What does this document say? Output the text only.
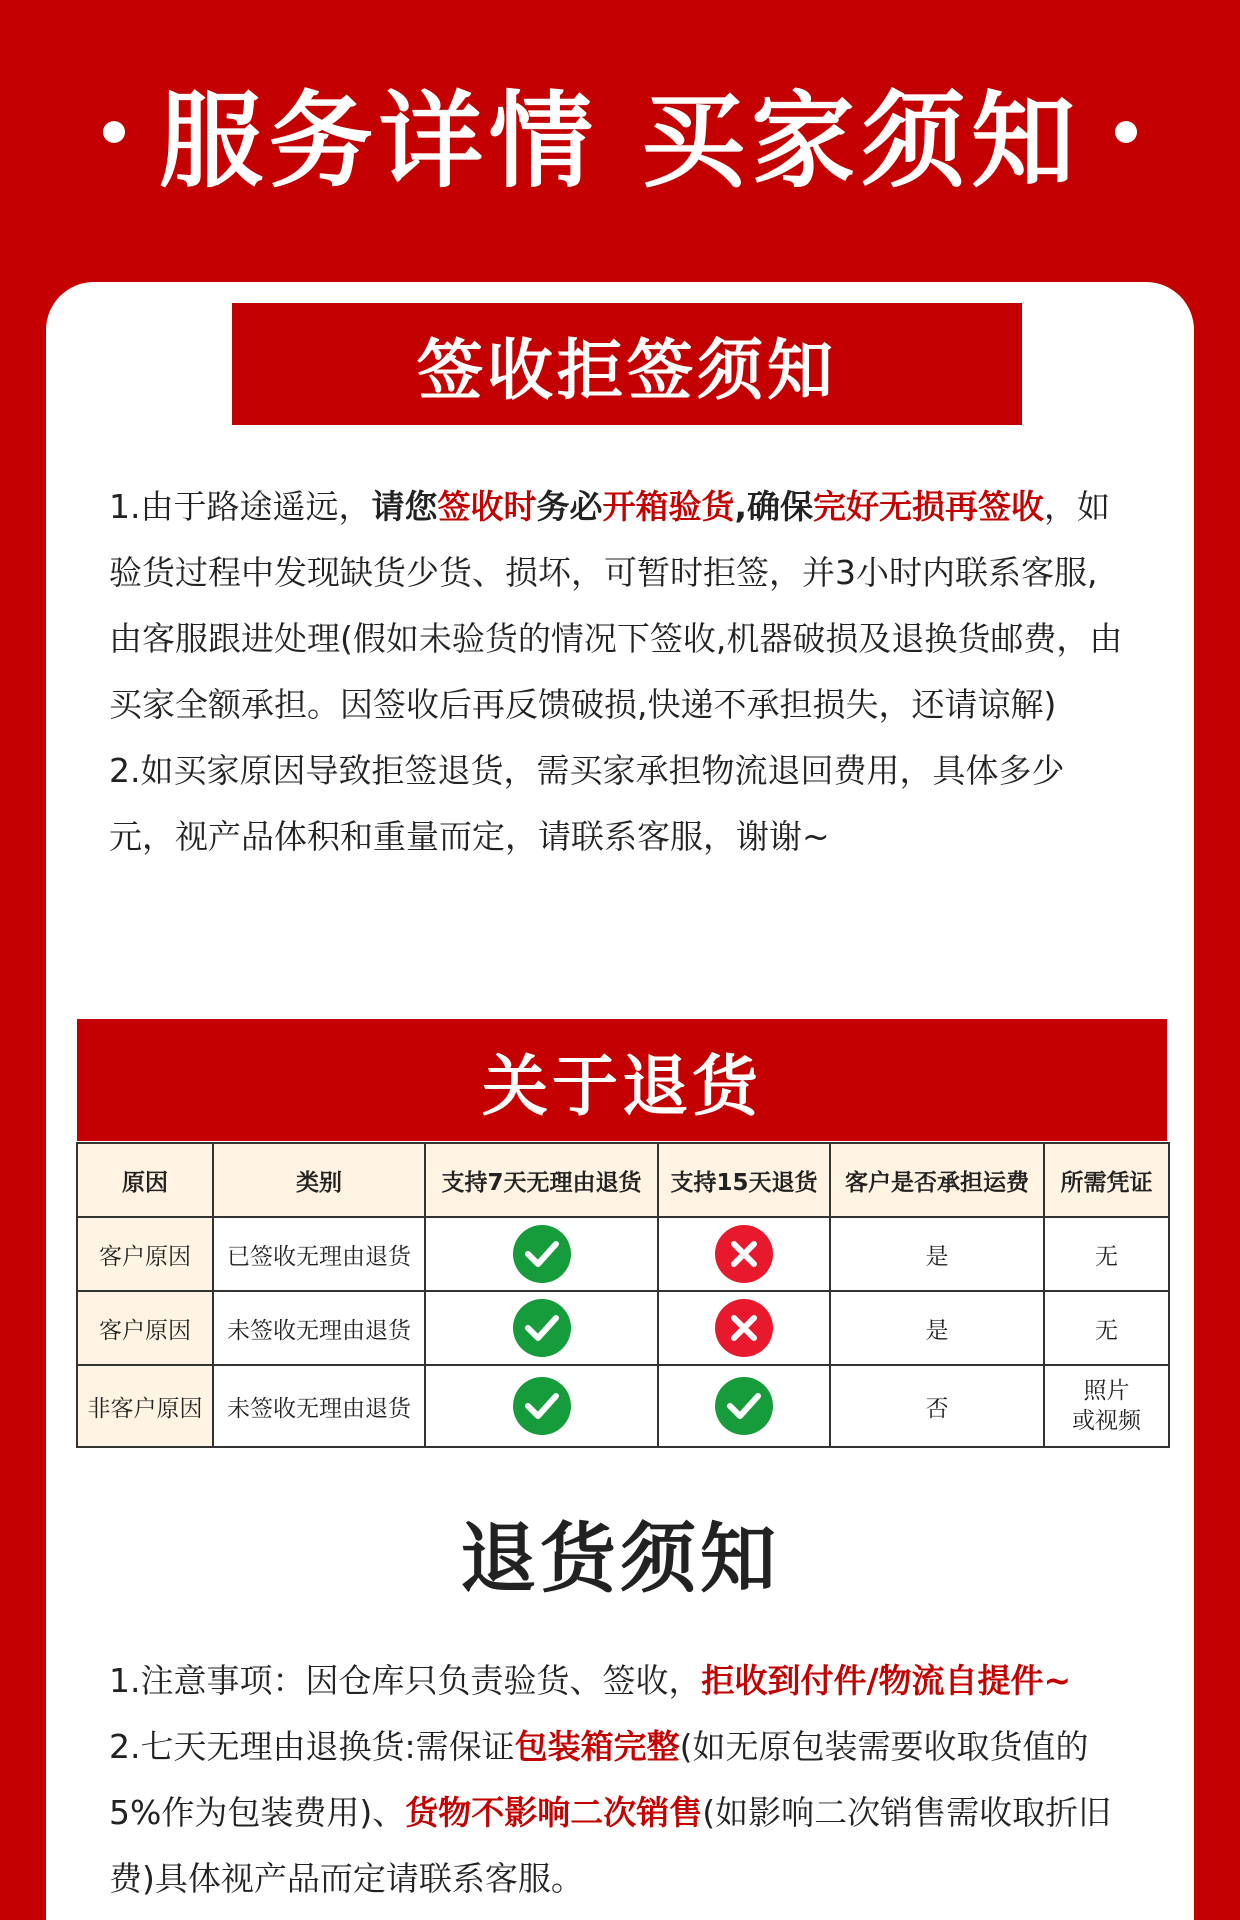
服务详情 买家须知
签收拒签须知
1.由于路途遥远，请您签收时务必开箱验货,确保完好无损再签收，如验货过程中发现缺货少货、损坏，可暂时拒签，并3小时内联系客服,由客服跟进处理(假如未验货的情况下签收,机器破损及退换货邮费，由买家全额承担。因签收后再反馈破损,快递不承担损失，还请谅解)
2.如买家原因导致拒签退货，需买家承担物流退回费用，具体多少元，视产品体积和重量而定，请联系客服，谢谢~
关于退货
原因	类别	支持7天无理由退货	支持15天退货	客户是否承担运费	所需凭证
客户原因	已签收无理由退货			是	无
客户原因	未签收无理由退货			是	无
非客户原因	未签收无理由退货			否	照片
或视频
退货须知
1.注意事项：因仓库只负责验货、签收，拒收到付件/物流自提件~
2.七天无理由退换货:需保证包装箱完整(如无原包装需要收取货值的5%作为包装费用)、货物不影响二次销售(如影响二次销售需收取折旧费)具体视产品而定请联系客服。
